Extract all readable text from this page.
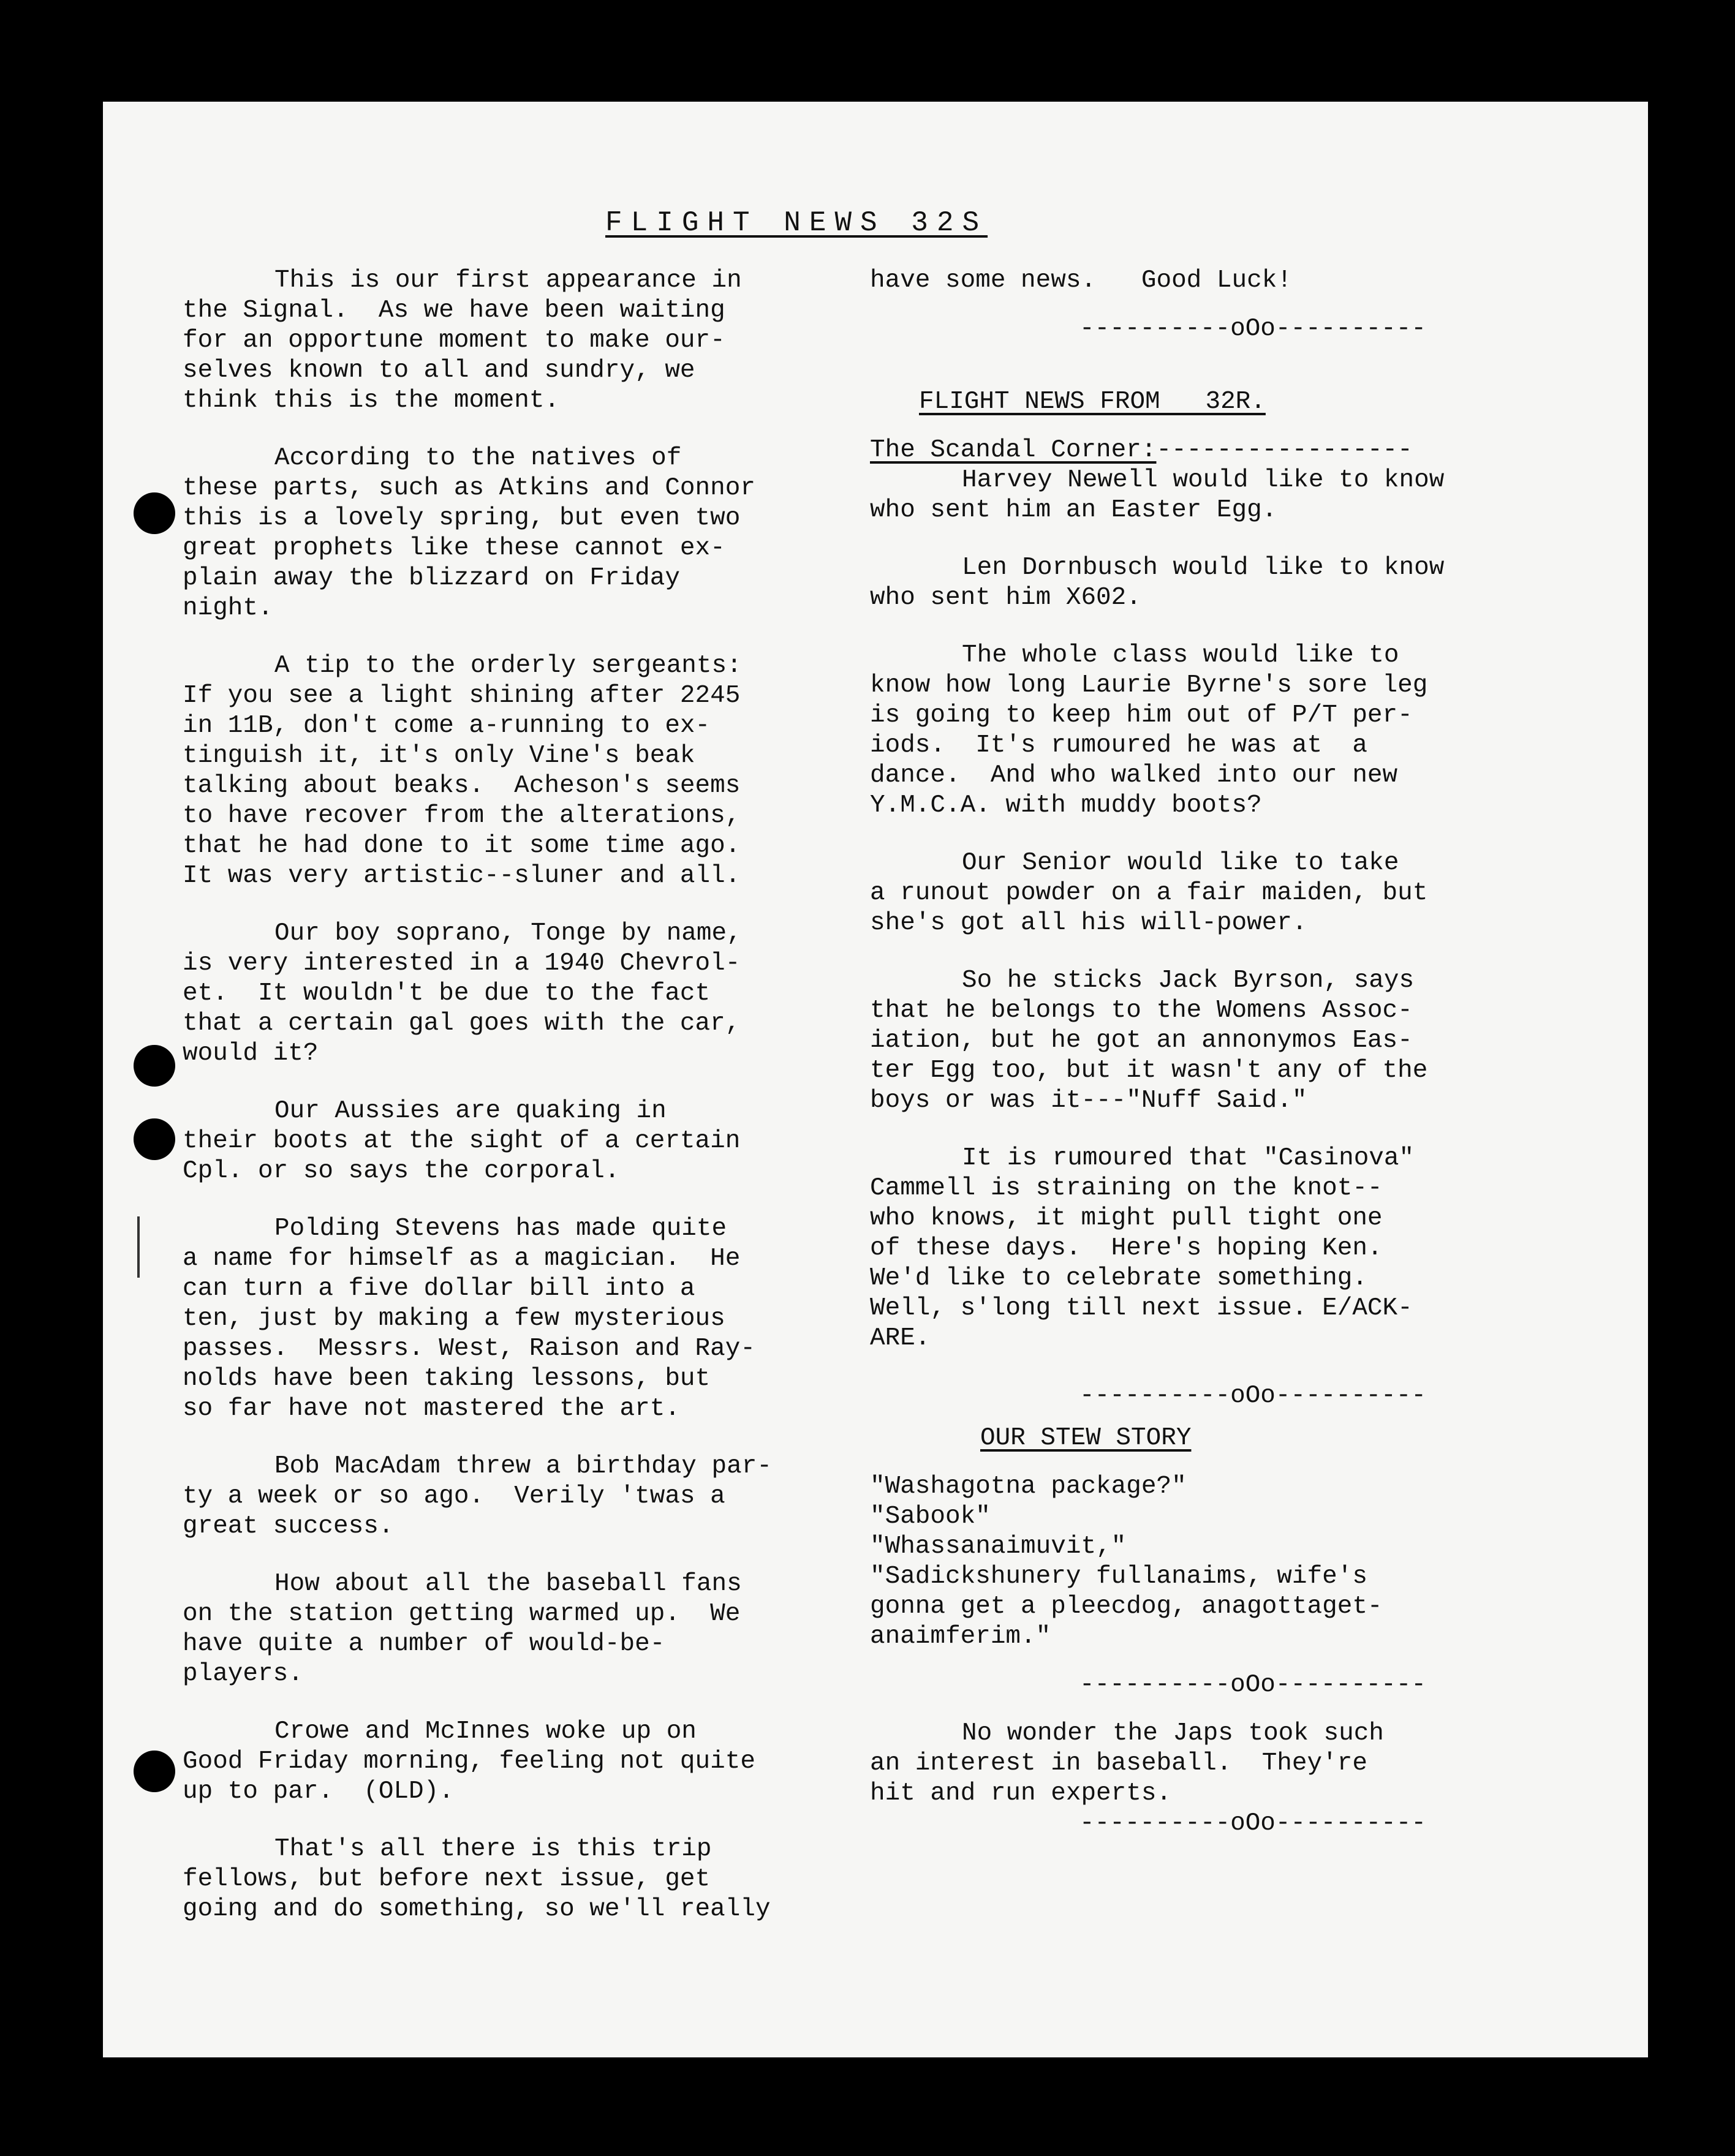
FLIGHT NEWS 32S

This is our first appearance in
the Signal.  As we have been waiting
for an opportune moment to make our-
selves known to all and sundry, we
think this is the moment.

According to the natives of
these parts, such as Atkins and Connor
this is a lovely spring, but even two
great prophets like these cannot ex-
plain away the blizzard on Friday
night.

A tip to the orderly sergeants:
If you see a light shining after 2245
in 11B, don't come a-running to ex-
tinguish it, it's only Vine's beak
talking about beaks.  Acheson's seems
to have recover from the alterations,
that he had done to it some time ago.
It was very artistic--sluner and all.

Our boy soprano, Tonge by name,
is very interested in a 1940 Chevrol-
et.  It wouldn't be due to the fact
that a certain gal goes with the car,
would it?

Our Aussies are quaking in
their boots at the sight of a certain
Cpl. or so says the corporal.

Polding Stevens has made quite
a name for himself as a magician.  He
can turn a five dollar bill into a
ten, just by making a few mysterious
passes.  Messrs. West, Raison and Ray-
nolds have been taking lessons, but
so far have not mastered the art.

Bob MacAdam threw a birthday par-
ty a week or so ago.  Verily 'twas a
great success.

How about all the baseball fans
on the station getting warmed up.  We
have quite a number of would-be-
players.

Crowe and McInnes woke up on
Good Friday morning, feeling not quite
up to par.  (OLD).

That's all there is this trip
fellows, but before next issue, get
going and do something, so we'll really

have some news.   Good Luck!

----------oOo----------

FLIGHT NEWS FROM   32R.

The Scandal Corner:-----------------

Harvey Newell would like to know
who sent him an Easter Egg.

Len Dornbusch would like to know
who sent him X602.

The whole class would like to
know how long Laurie Byrne's sore leg
is going to keep him out of P/T per-
iods.  It's rumoured he was at  a
dance.  And who walked into our new
Y.M.C.A. with muddy boots?

Our Senior would like to take
a runout powder on a fair maiden, but
she's got all his will-power.

So he sticks Jack Byrson, says
that he belongs to the Womens Assoc-
iation, but he got an annonymos Eas-
ter Egg too, but it wasn't any of the
boys or was it---"Nuff Said."

It is rumoured that "Casinova"
Cammell is straining on the knot--
who knows, it might pull tight one
of these days.  Here's hoping Ken.
We'd like to celebrate something.
Well, s'long till next issue. E/ACK-
ARE.

----------oOo----------

OUR STEW STORY

"Washagotna package?"
"Sabook"
"Whassanaimuvit,"
"Sadickshunery fullanaims, wife's
gonna get a pleecdog, anagottaget-
anaimferim."

----------oOo----------

No wonder the Japs took such
an interest in baseball.  They're
hit and run experts.

----------oOo----------
